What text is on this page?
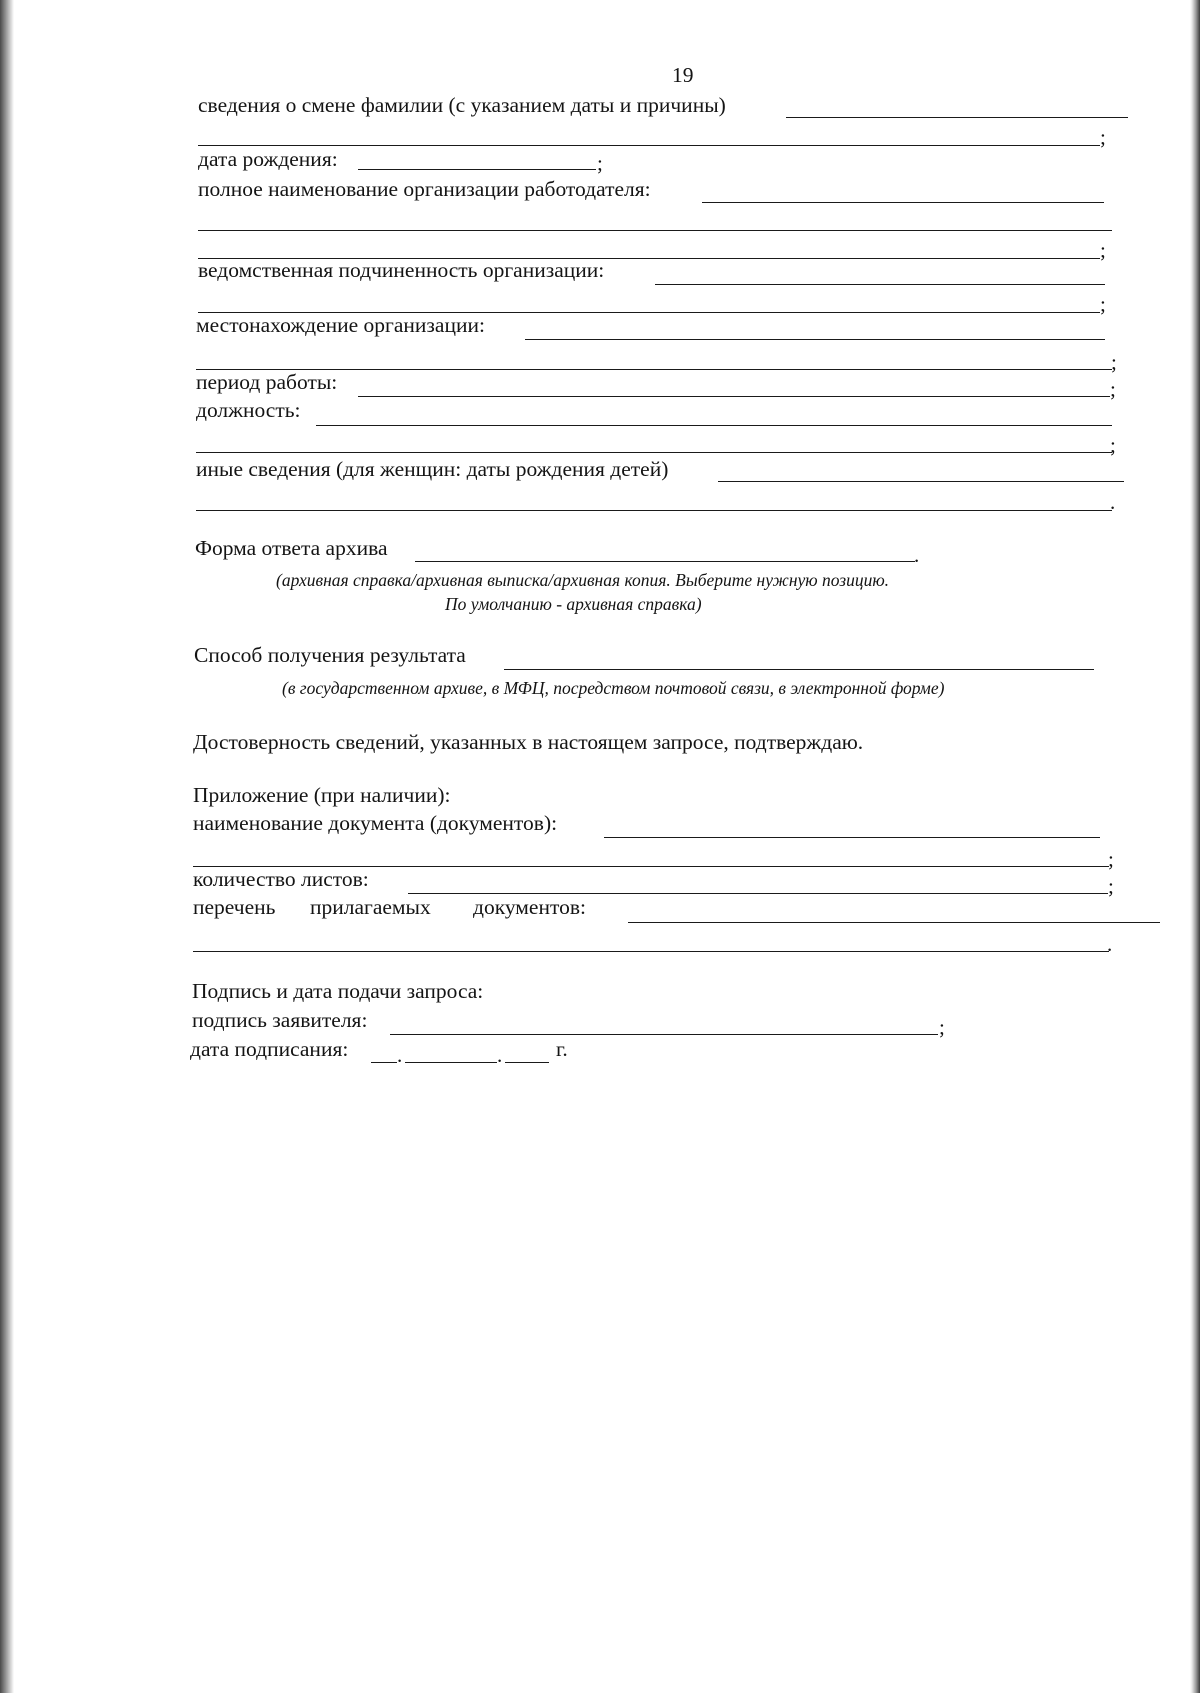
19
сведения о смене фамилии (с указанием даты и причины)
;
дата рождения:	;
полное наименование организации работодателя:
;
ведомственная подчиненность организации:
;
местонахождение организации:
;
период работы:	;
должность:
;
иные сведения (для женщин: даты рождения детей)
.
Форма ответа архива	.
(архивная справка/архивная выписка/архивная копия. Выберите нужную позицию.
По умолчанию - архивная справка)
Способ получения результата
(в государственном архиве, в МФЦ, посредством почтовой связи, в электронной форме)
Достоверность сведений, указанных в настоящем запросе, подтверждаю.
Приложение (при наличии):
наименование документа (документов):
;
количество листов:	;
перечень прилагаемых документов:
.
Подпись и дата подачи запроса:
подпись заявителя:	;
дата подписания: .	.	г.
